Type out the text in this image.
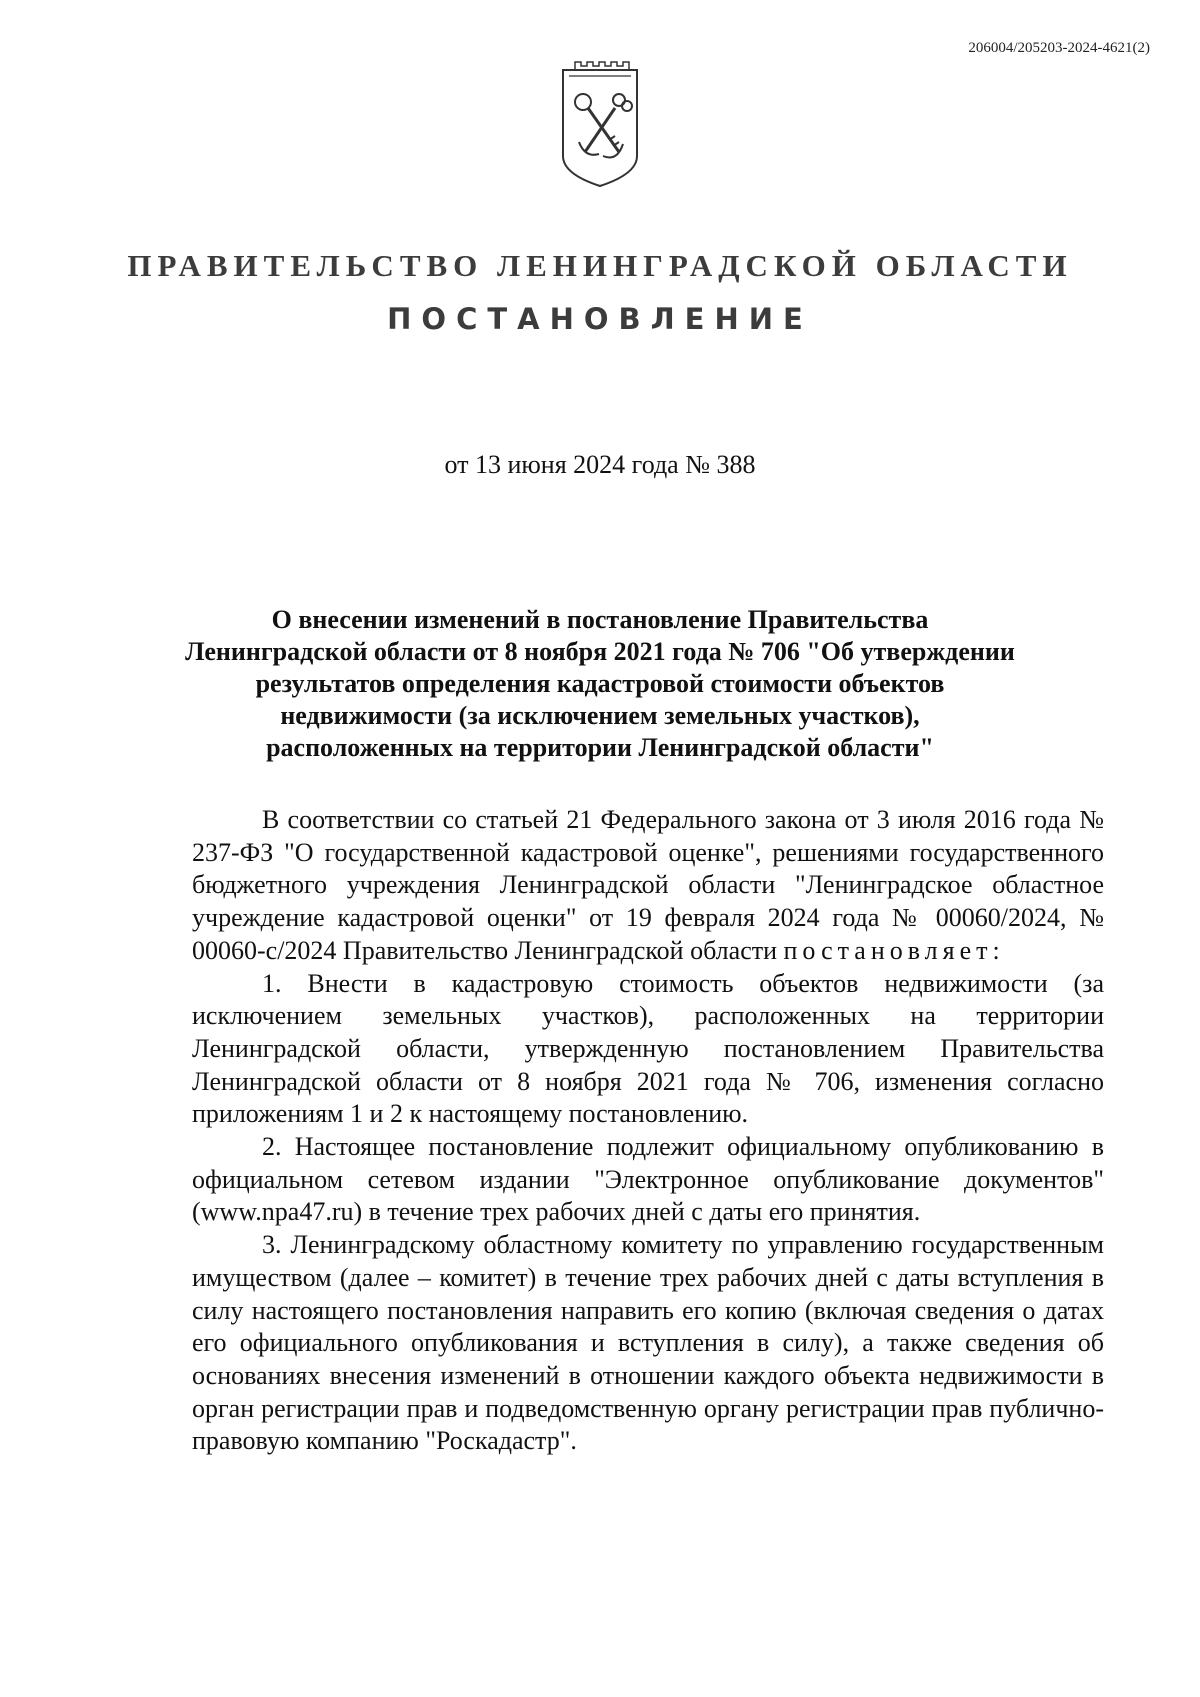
206004/205203-2024-4621(2)
ПРАВИТЕЛЬСТВО ЛЕНИНГРАДСКОЙ ОБЛАСТИ
ПОСТАНОВЛЕНИЕ
от 13 июня 2024 года № 388
О внесении изменений в постановление Правительства
Ленинградской области от 8 ноября 2021 года № 706 "Об утверждении
результатов определения кадастровой стоимости объектов
недвижимости (за исключением земельных участков),
расположенных на территории Ленинградской области"

В соответствии со статьей 21 Федерального закона от 3 июля 2016 года № 237-ФЗ "О государственной кадастровой оценке", решениями государственного бюджетного учреждения Ленинградской области "Ленинградское областное учреждение кадастровой оценки" от 19 февраля 2024 года № 00060/2024, № 00060-с/2024 Правительство Ленинградской области постановляет:

1. Внести в кадастровую стоимость объектов недвижимости (за исключением земельных участков), расположенных на территории Ленинградской области, утвержденную постановлением Правительства Ленинградской области от 8 ноября 2021 года № 706, изменения согласно приложениям 1 и 2 к настоящему постановлению.

2. Настоящее постановление подлежит официальному опубликованию в официальном сетевом издании "Электронное опубликование документов" (www.npa47.ru) в течение трех рабочих дней с даты его принятия.

3. Ленинградскому областному комитету по управлению государственным имуществом (далее – комитет) в течение трех рабочих дней с даты вступления в силу настоящего постановления направить его копию (включая сведения о датах его официального опубликования и вступления в силу), а также сведения об основаниях внесения изменений в отношении каждого объекта недвижимости в орган регистрации прав и подведомственную органу регистрации прав публично-правовую компанию "Роскадастр".
